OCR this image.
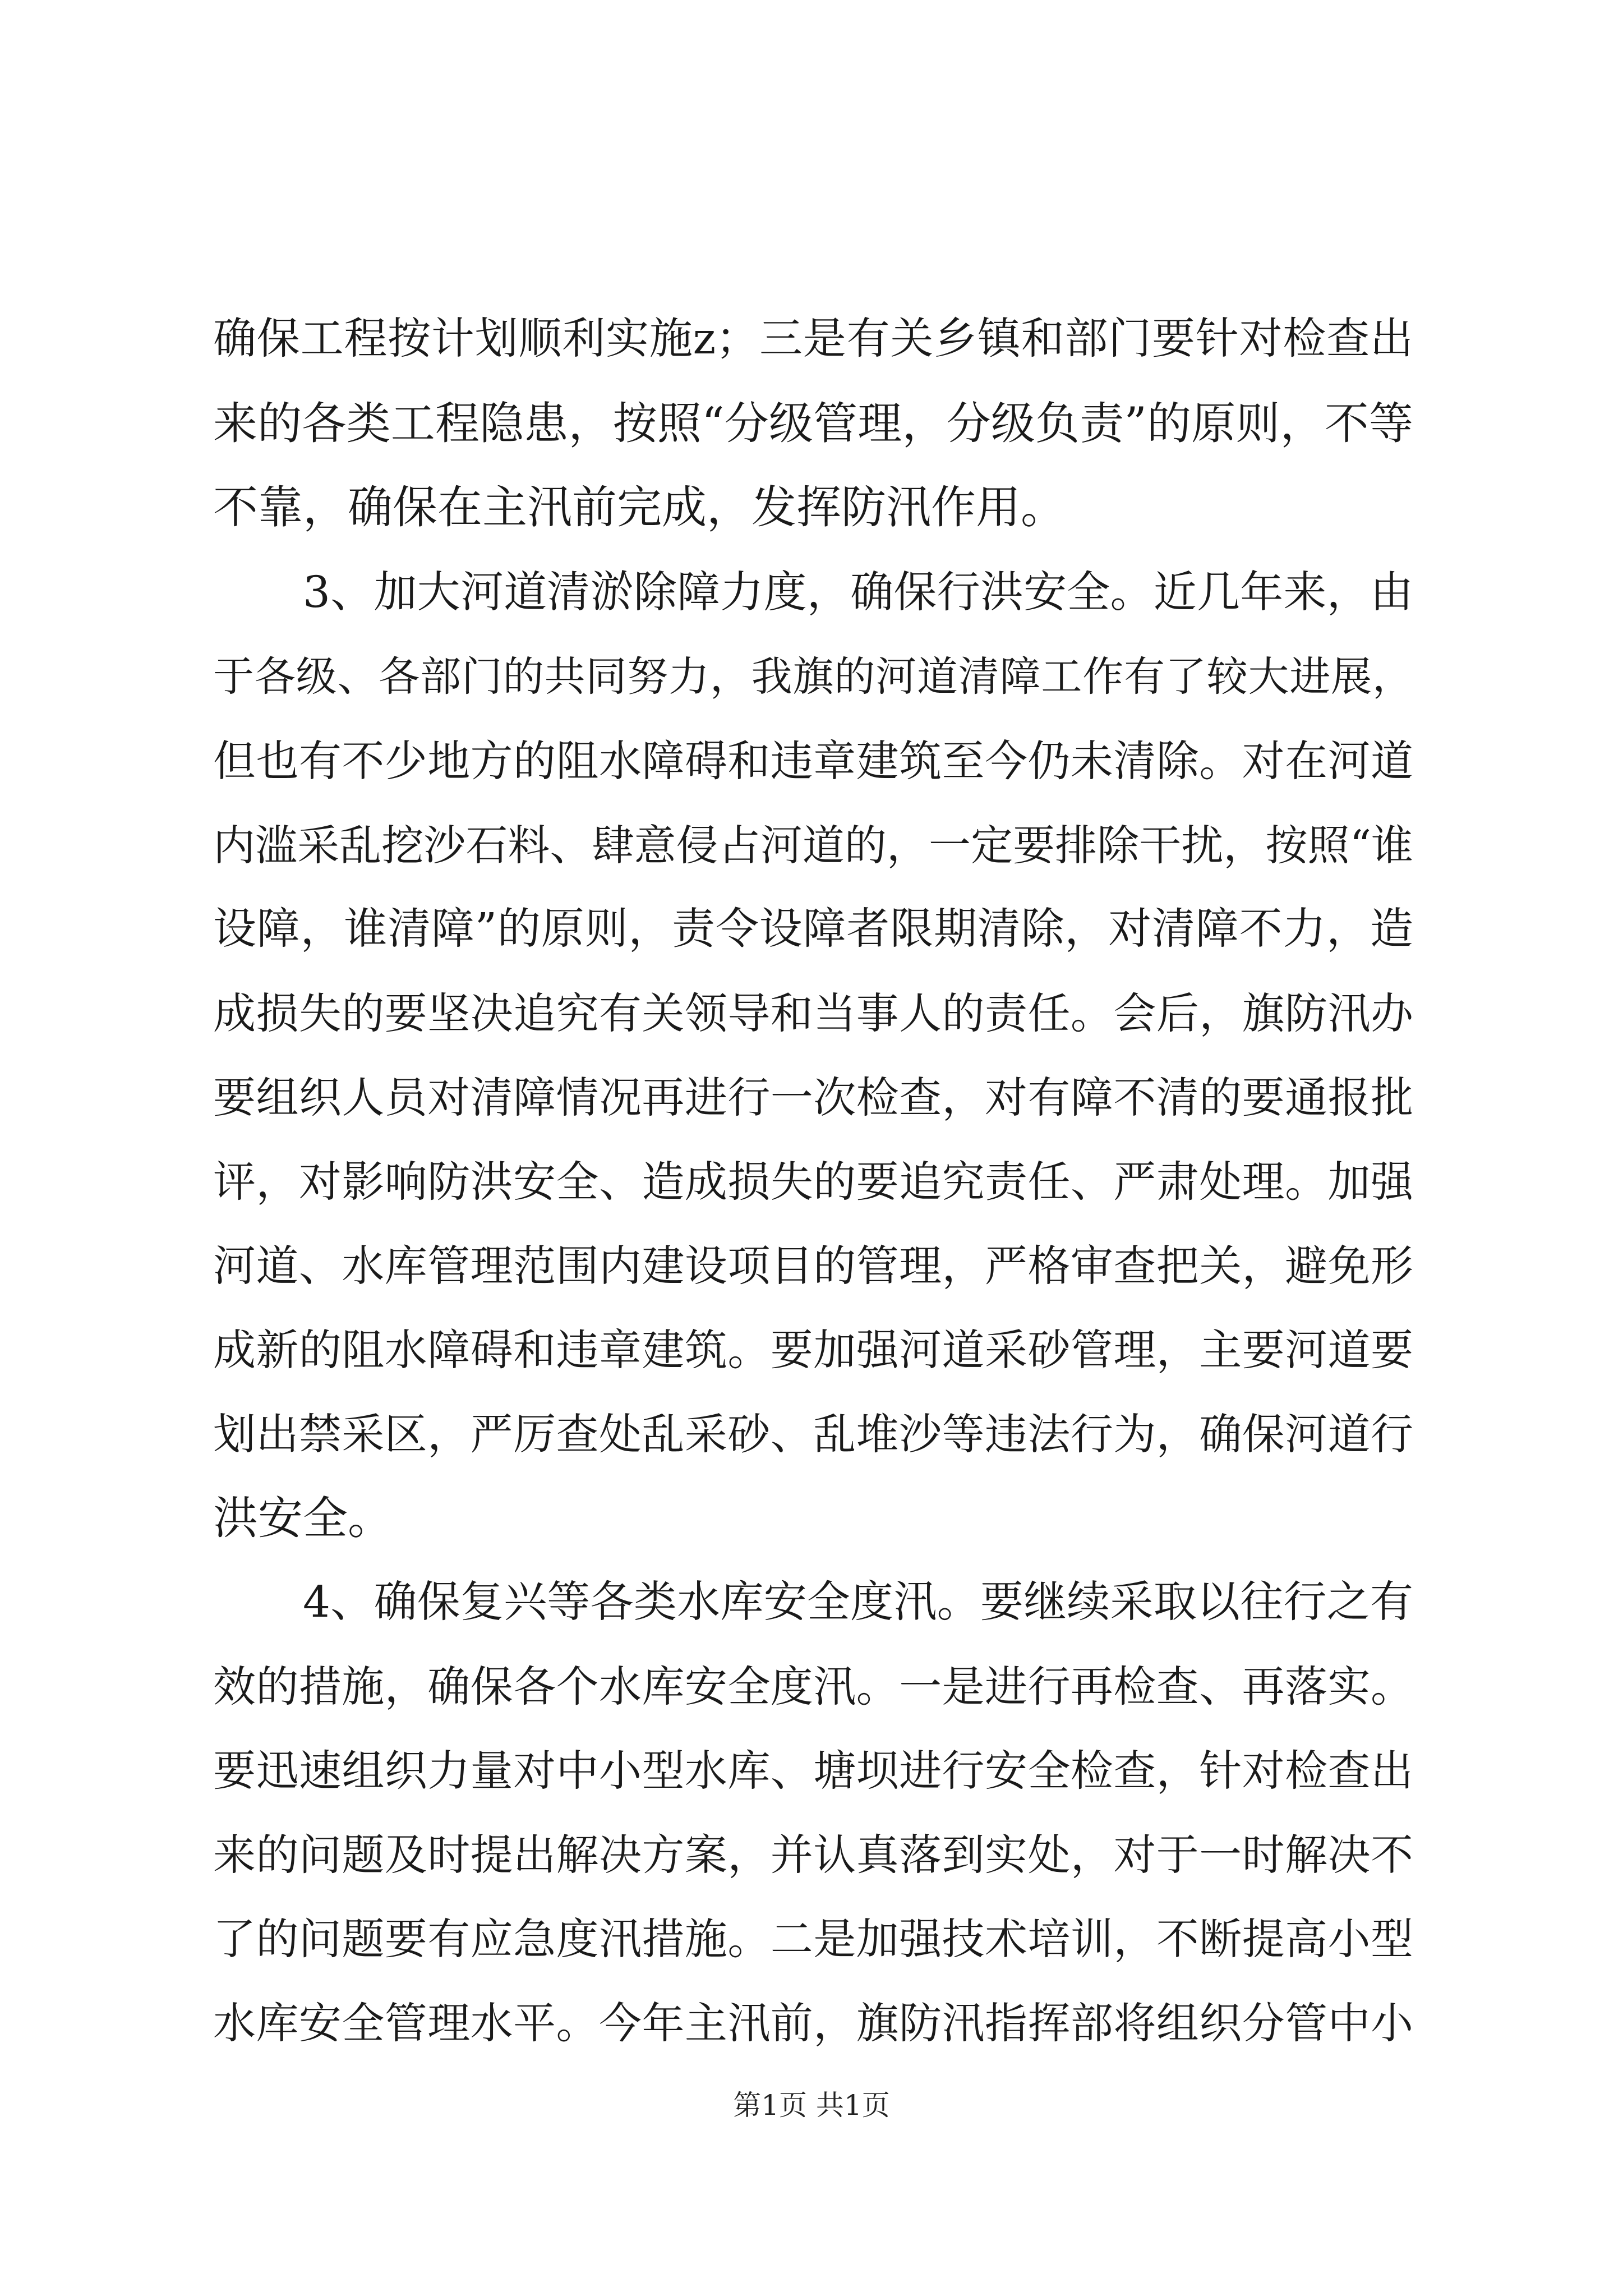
确保工程按计划顺利实施z；三是有关乡镇和部门要针对检查出
来的各类工程隐患，按照“分级管理，分级负责”的原则，不等
不靠，确保在主汛前完成，发挥防汛作用。
3、加大河道清淤除障力度，确保行洪安全。近几年来，由
于各级、各部门的共同努力，我旗的河道清障工作有了较大进展，
但也有不少地方的阻水障碍和违章建筑至今仍未清除。对在河道
内滥采乱挖沙石料、肆意侵占河道的，一定要排除干扰，按照“谁
设障，谁清障”的原则，责令设障者限期清除，对清障不力，造
成损失的要坚决追究有关领导和当事人的责任。会后，旗防汛办
要组织人员对清障情况再进行一次检查，对有障不清的要通报批
评，对影响防洪安全、造成损失的要追究责任、严肃处理。加强
河道、水库管理范围内建设项目的管理，严格审查把关，避免形
成新的阻水障碍和违章建筑。要加强河道采砂管理，主要河道要
划出禁采区，严厉查处乱采砂、乱堆沙等违法行为，确保河道行
洪安全。
4、确保复兴等各类水库安全度汛。要继续采取以往行之有
效的措施，确保各个水库安全度汛。一是进行再检查、再落实。
要迅速组织力量对中小型水库、塘坝进行安全检查，针对检查出
来的问题及时提出解决方案，并认真落到实处，对于一时解决不
了的问题要有应急度汛措施。二是加强技术培训，不断提高小型
水库安全管理水平。今年主汛前，旗防汛指挥部将组织分管中小
第1页 共1页
